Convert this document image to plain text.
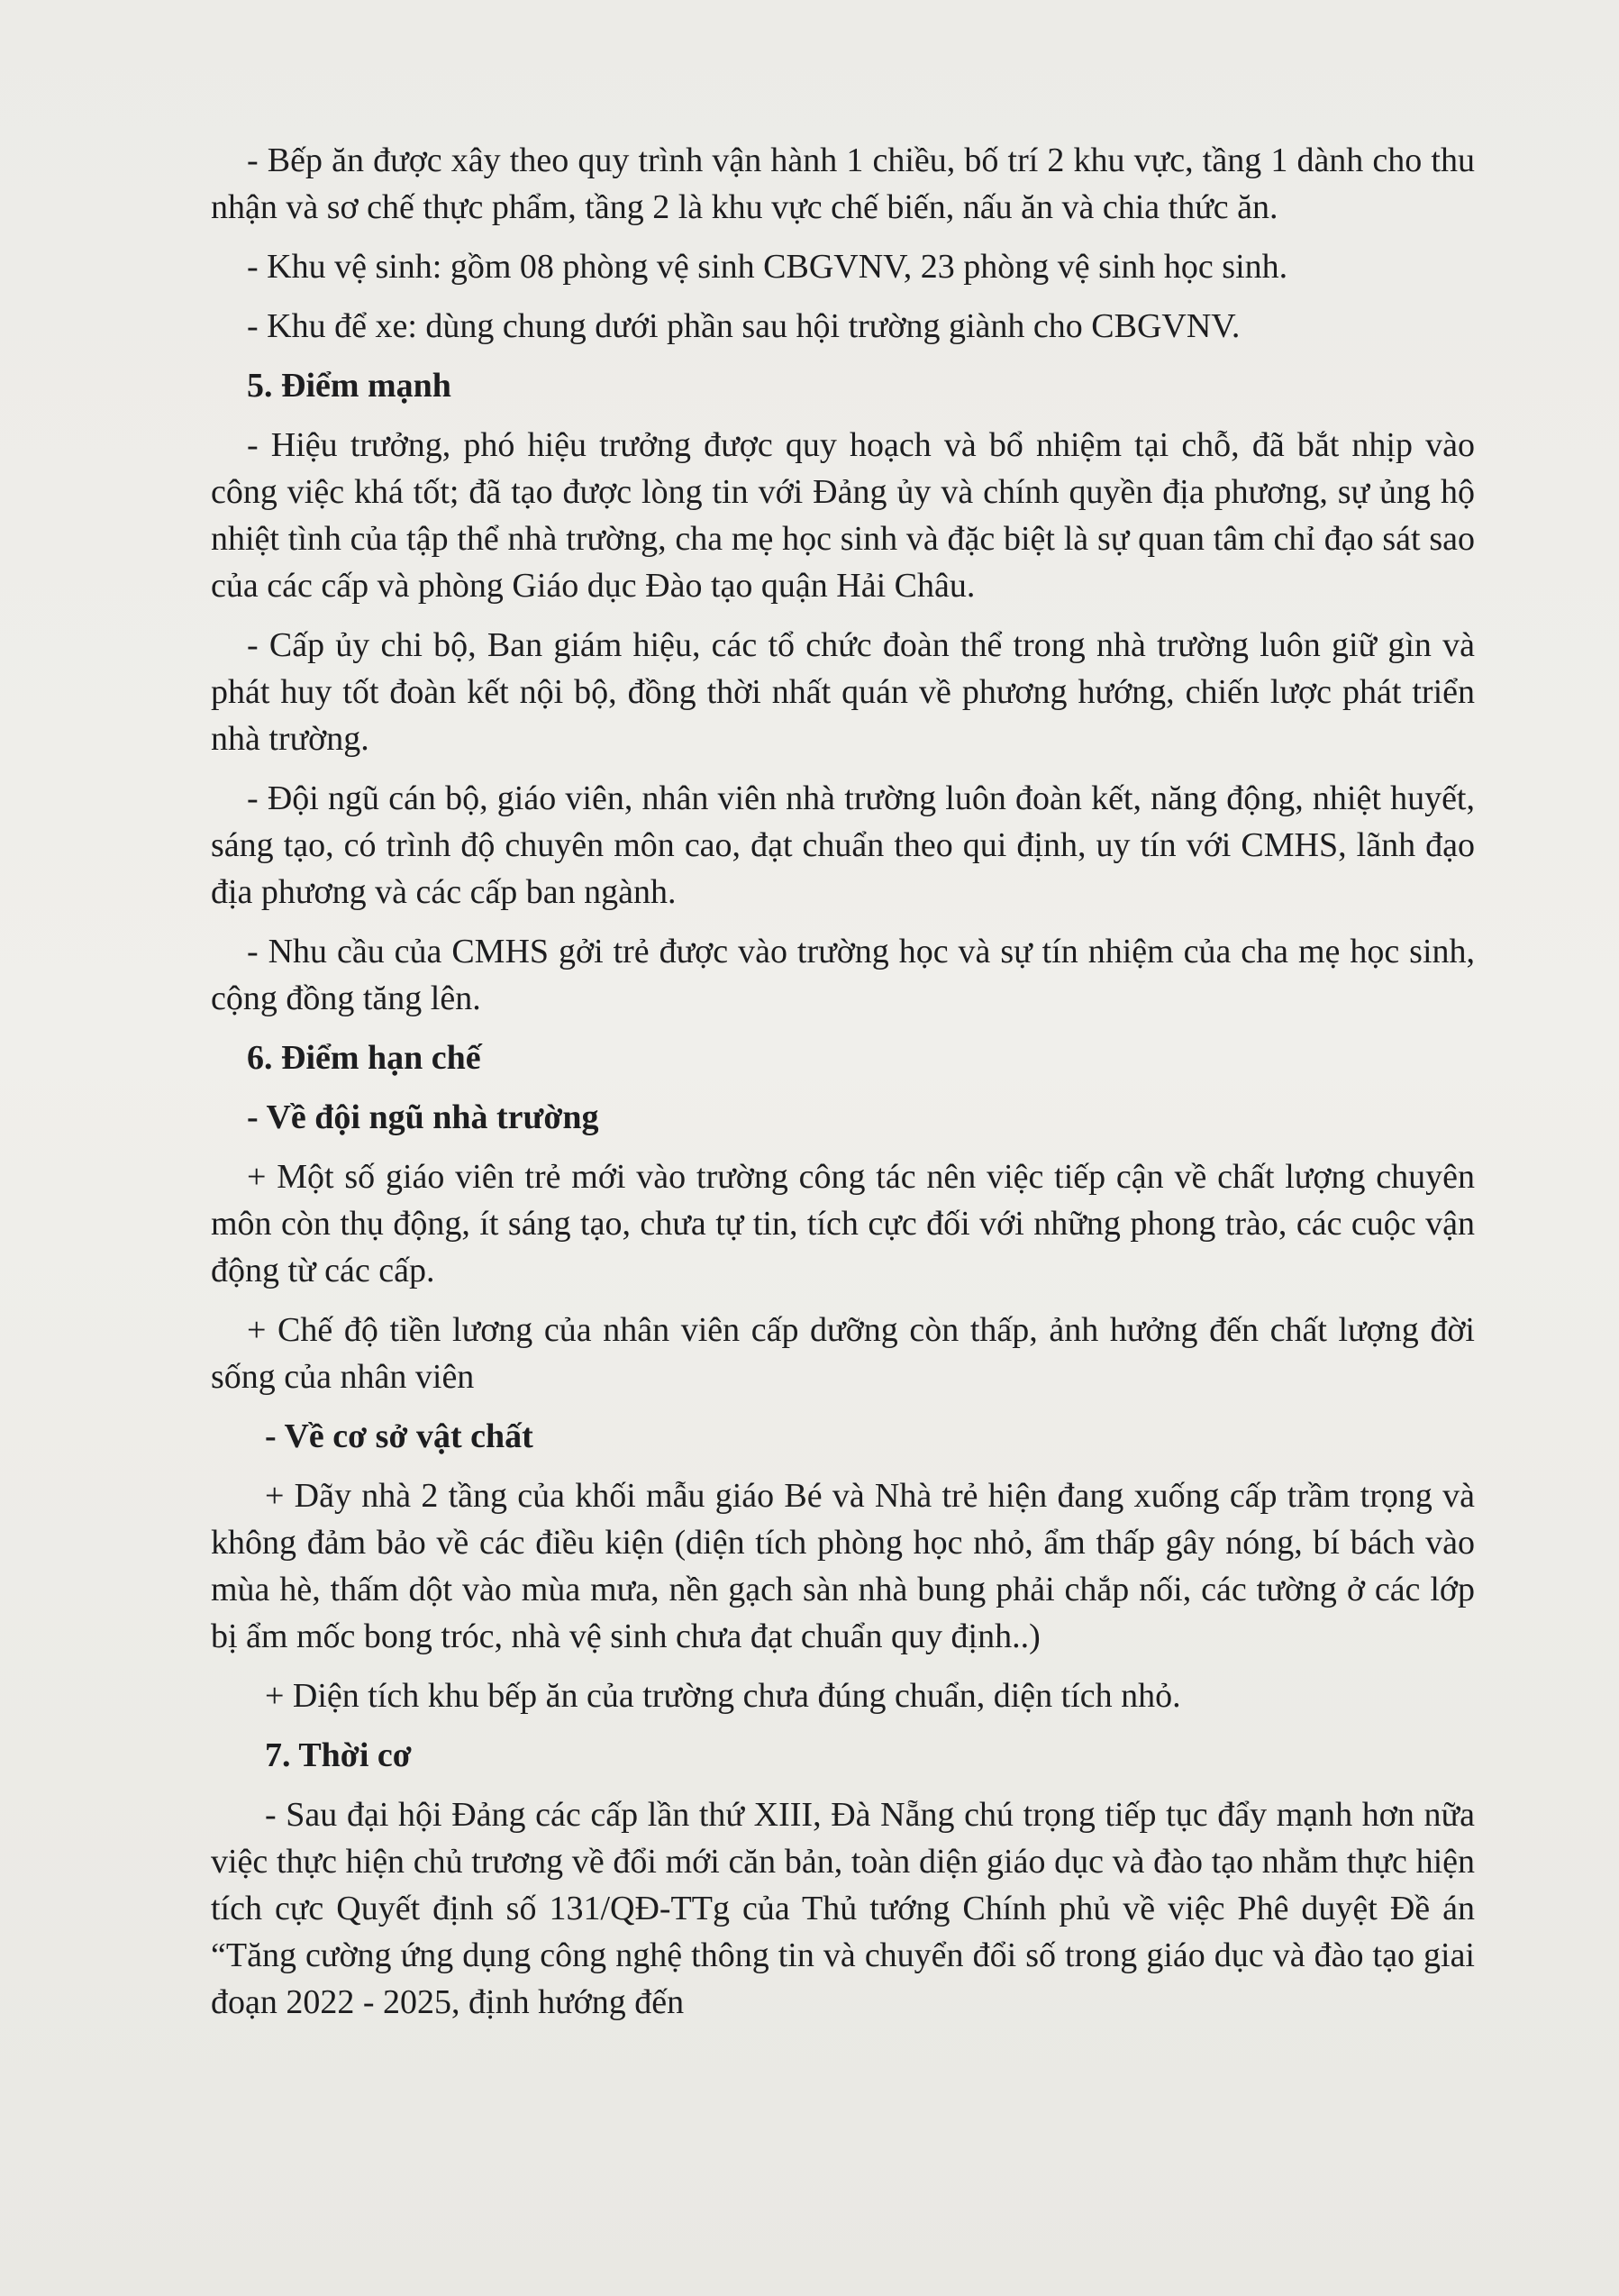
- Bếp ăn được xây theo quy trình vận hành 1 chiều, bố trí 2 khu vực, tầng 1 dành cho thu nhận và sơ chế thực phẩm, tầng 2 là khu vực chế biến, nấu ăn và chia thức ăn.

- Khu vệ sinh: gồm 08 phòng vệ sinh CBGVNV, 23 phòng vệ sinh học sinh.

- Khu để xe: dùng chung dưới phần sau hội trường giành cho CBGVNV.

5. Điểm mạnh

- Hiệu trưởng, phó hiệu trưởng được quy hoạch và bổ nhiệm tại chỗ, đã bắt nhịp vào công việc khá tốt; đã tạo được lòng tin với Đảng ủy và chính quyền địa phương, sự ủng hộ nhiệt tình của tập thể nhà trường, cha mẹ học sinh và đặc biệt là sự quan tâm chỉ đạo sát sao của các cấp và phòng Giáo dục Đào tạo quận Hải Châu.

- Cấp ủy chi bộ, Ban giám hiệu, các tổ chức đoàn thể trong nhà trường luôn giữ gìn và phát huy tốt đoàn kết nội bộ, đồng thời nhất quán về phương hướng, chiến lược phát triển nhà trường.

- Đội ngũ cán bộ, giáo viên, nhân viên nhà trường luôn đoàn kết, năng động, nhiệt huyết, sáng tạo, có trình độ chuyên môn cao, đạt chuẩn theo qui định, uy tín với CMHS, lãnh đạo địa phương và các cấp ban ngành.

- Nhu cầu của CMHS gởi trẻ được vào trường học và sự tín nhiệm của cha mẹ học sinh, cộng đồng tăng lên.

6. Điểm hạn chế

- Về đội ngũ nhà trường

+ Một số giáo viên trẻ mới vào trường công tác nên việc tiếp cận về chất lượng chuyên môn còn thụ động, ít sáng tạo, chưa tự tin, tích cực đối với những phong trào, các cuộc vận động từ các cấp.

+ Chế độ tiền lương của nhân viên cấp dưỡng còn thấp, ảnh hưởng đến chất lượng đời sống của nhân viên

- Về cơ sở vật chất

+ Dãy nhà 2 tầng của khối mẫu giáo Bé và Nhà trẻ hiện đang xuống cấp trầm trọng và không đảm bảo về các điều kiện (diện tích phòng học nhỏ, ẩm thấp gây nóng, bí bách vào mùa hè, thấm dột vào mùa mưa, nền gạch sàn nhà bung phải chắp nối, các tường ở các lớp bị ẩm mốc bong tróc, nhà vệ sinh chưa đạt chuẩn quy định..)

+ Diện tích khu bếp ăn của trường chưa đúng chuẩn, diện tích nhỏ.

7. Thời cơ

- Sau đại hội Đảng các cấp lần thứ XIII, Đà Nẵng chú trọng tiếp tục đẩy mạnh hơn nữa việc thực hiện chủ trương về đổi mới căn bản, toàn diện giáo dục và đào tạo nhằm thực hiện tích cực Quyết định số 131/QĐ-TTg của Thủ tướng Chính phủ về việc Phê duyệt Đề án “Tăng cường ứng dụng công nghệ thông tin và chuyển đổi số trong giáo dục và đào tạo giai đoạn 2022 - 2025, định hướng đến
